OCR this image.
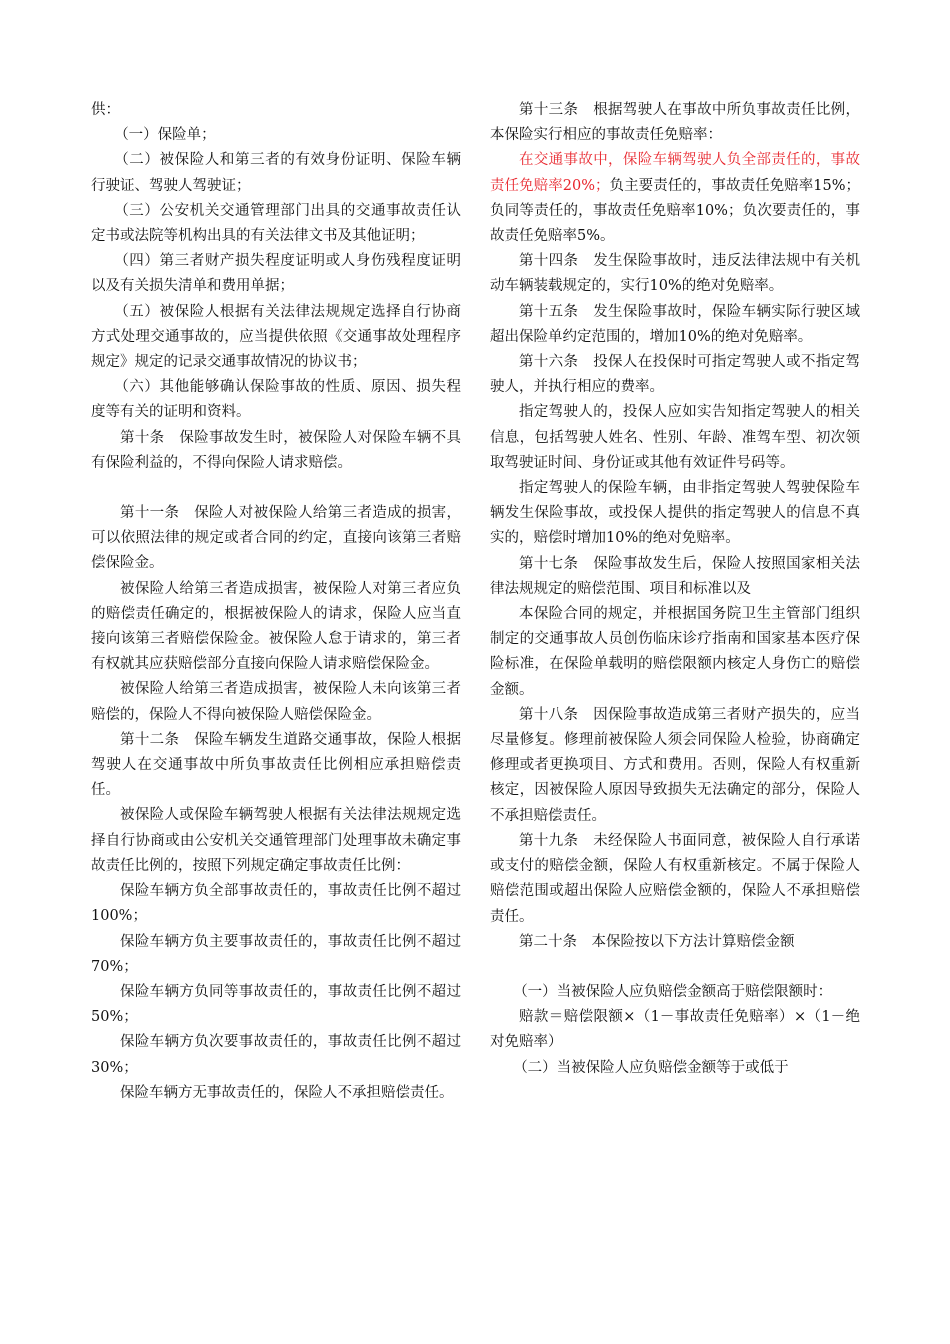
供：

（一）保险单；

（二）被保险人和第三者的有效身份证明、保险车辆行驶证、驾驶人驾驶证；

（三）公安机关交通管理部门出具的交通事故责任认定书或法院等机构出具的有关法律文书及其他证明；

（四）第三者财产损失程度证明或人身伤残程度证明以及有关损失清单和费用单据；

（五）被保险人根据有关法律法规规定选择自行协商方式处理交通事故的，应当提供依照《交通事故处理程序规定》规定的记录交通事故情况的协议书；

（六）其他能够确认保险事故的性质、原因、损失程度等有关的证明和资料。

第十条　保险事故发生时，被保险人对保险车辆不具有保险利益的，不得向保险人请求赔偿。

第十一条　保险人对被保险人给第三者造成的损害，可以依照法律的规定或者合同的约定，直接向该第三者赔偿保险金。

被保险人给第三者造成损害，被保险人对第三者应负的赔偿责任确定的，根据被保险人的请求，保险人应当直接向该第三者赔偿保险金。被保险人怠于请求的，第三者有权就其应获赔偿部分直接向保险人请求赔偿保险金。

被保险人给第三者造成损害，被保险人未向该第三者赔偿的，保险人不得向被保险人赔偿保险金。

第十二条　保险车辆发生道路交通事故，保险人根据驾驶人在交通事故中所负事故责任比例相应承担赔偿责任。

被保险人或保险车辆驾驶人根据有关法律法规规定选择自行协商或由公安机关交通管理部门处理事故未确定事故责任比例的，按照下列规定确定事故责任比例：

保险车辆方负全部事故责任的，事故责任比例不超过100%；

保险车辆方负主要事故责任的，事故责任比例不超过70%；

保险车辆方负同等事故责任的，事故责任比例不超过50%；

保险车辆方负次要事故责任的，事故责任比例不超过30%；

保险车辆方无事故责任的，保险人不承担赔偿责任。

第十三条　根据驾驶人在事故中所负事故责任比例，本保险实行相应的事故责任免赔率：

在交通事故中，保险车辆驾驶人负全部责任的，事故责任免赔率20%；负主要责任的，事故责任免赔率15%；负同等责任的，事故责任免赔率10%；负次要责任的，事故责任免赔率5%。

第十四条　发生保险事故时，违反法律法规中有关机动车辆装载规定的，实行10%的绝对免赔率。

第十五条　发生保险事故时，保险车辆实际行驶区域超出保险单约定范围的，增加10%的绝对免赔率。

第十六条　投保人在投保时可指定驾驶人或不指定驾驶人，并执行相应的费率。

指定驾驶人的，投保人应如实告知指定驾驶人的相关信息，包括驾驶人姓名、性别、年龄、准驾车型、初次领取驾驶证时间、身份证或其他有效证件号码等。

指定驾驶人的保险车辆，由非指定驾驶人驾驶保险车辆发生保险事故，或投保人提供的指定驾驶人的信息不真实的，赔偿时增加10%的绝对免赔率。

第十七条　保险事故发生后，保险人按照国家相关法律法规规定的赔偿范围、项目和标准以及

本保险合同的规定，并根据国务院卫生主管部门组织制定的交通事故人员创伤临床诊疗指南和国家基本医疗保险标准，在保险单载明的赔偿限额内核定人身伤亡的赔偿金额。

第十八条　因保险事故造成第三者财产损失的，应当尽量修复。修理前被保险人须会同保险人检验，协商确定修理或者更换项目、方式和费用。否则，保险人有权重新核定，因被保险人原因导致损失无法确定的部分，保险人不承担赔偿责任。

第十九条　未经保险人书面同意，被保险人自行承诺或支付的赔偿金额，保险人有权重新核定。不属于保险人赔偿范围或超出保险人应赔偿金额的，保险人不承担赔偿责任。

第二十条　本保险按以下方法计算赔偿金额

（一）当被保险人应负赔偿金额高于赔偿限额时：

赔款＝赔偿限额×（1－事故责任免赔率）×（1－绝对免赔率）

（二）当被保险人应负赔偿金额等于或低于
